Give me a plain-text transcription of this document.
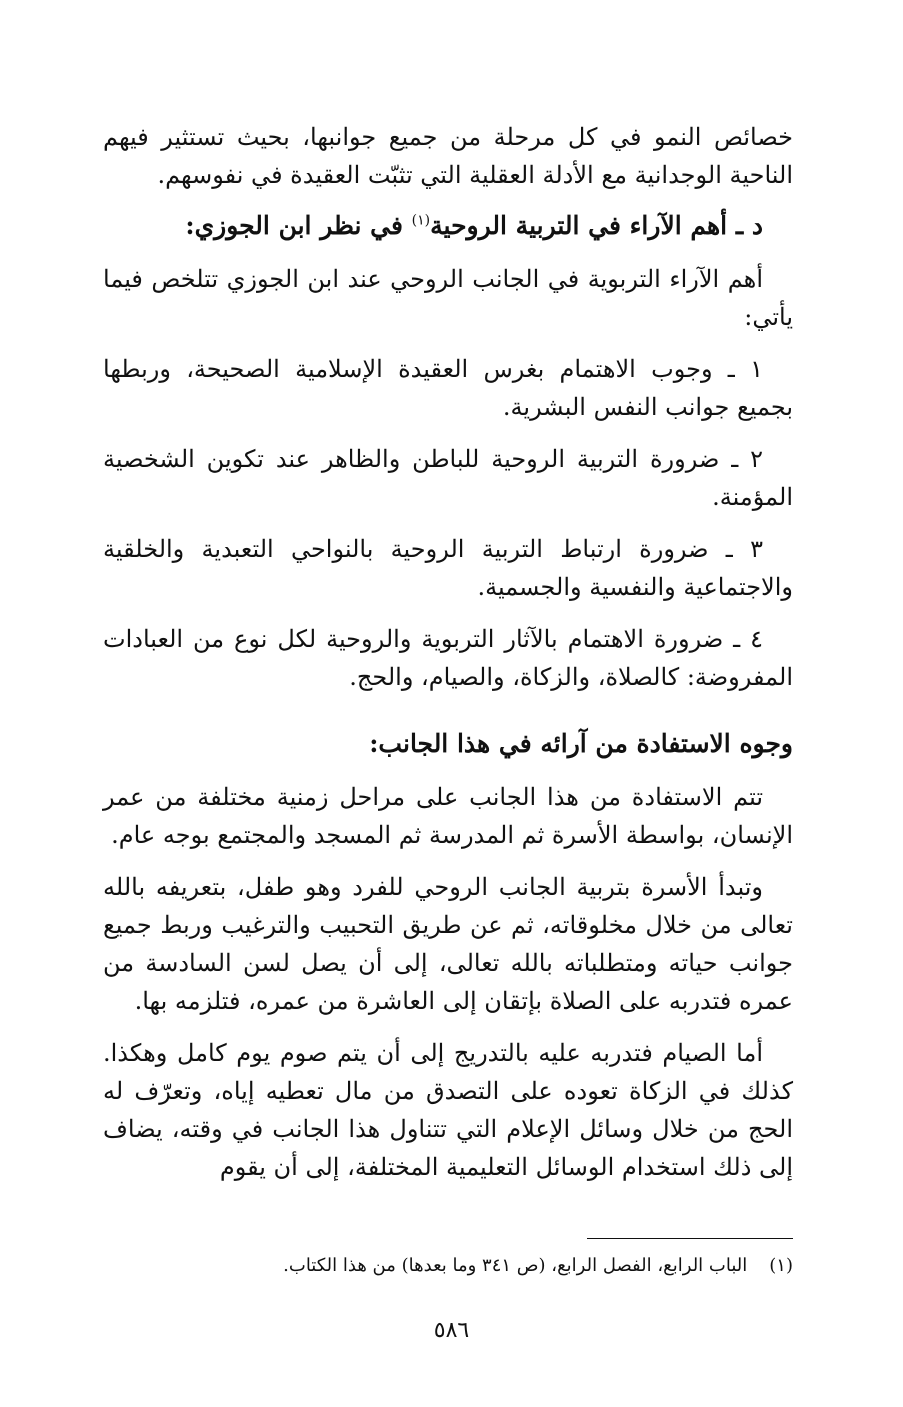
خصائص النمو في كل مرحلة من جميع جوانبها، بحيث تستثير فيهم الناحية الوجدانية مع الأدلة العقلية التي تثبّت العقيدة في نفوسهم.

د ـ أهم الآراء في التربية الروحية$^{(١)}$ في نظر ابن الجوزي:

أهم الآراء التربوية في الجانب الروحي عند ابن الجوزي تتلخص فيما يأتي:

١ ـ وجوب الاهتمام بغرس العقيدة الإسلامية الصحيحة، وربطها بجميع جوانب النفس البشرية.

٢ ـ ضرورة التربية الروحية للباطن والظاهر عند تكوين الشخصية المؤمنة.

٣ ـ ضرورة ارتباط التربية الروحية بالنواحي التعبدية والخلقية والاجتماعية والنفسية والجسمية.

٤ ـ ضرورة الاهتمام بالآثار التربوية والروحية لكل نوع من العبادات المفروضة: كالصلاة، والزكاة، والصيام، والحج.

وجوه الاستفادة من آرائه في هذا الجانب:

تتم الاستفادة من هذا الجانب على مراحل زمنية مختلفة من عمر الإنسان، بواسطة الأسرة ثم المدرسة ثم المسجد والمجتمع بوجه عام.

وتبدأ الأسرة بتربية الجانب الروحي للفرد وهو طفل، بتعريفه بالله تعالى من خلال مخلوقاته، ثم عن طريق التحبيب والترغيب وربط جميع جوانب حياته ومتطلباته بالله تعالى، إلى أن يصل لسن السادسة من عمره فتدربه على الصلاة بإتقان إلى العاشرة من عمره، فتلزمه بها.

أما الصيام فتدربه عليه بالتدريج إلى أن يتم صوم يوم كامل وهكذا. كذلك في الزكاة تعوده على التصدق من مال تعطيه إياه، وتعرّف له الحج من خلال وسائل الإعلام التي تتناول هذا الجانب في وقته، يضاف إلى ذلك استخدام الوسائل التعليمية المختلفة، إلى أن يقوم

(١)الباب الرابع، الفصل الرابع، (ص ٣٤١ وما بعدها) من هذا الكتاب.
٥٨٦
